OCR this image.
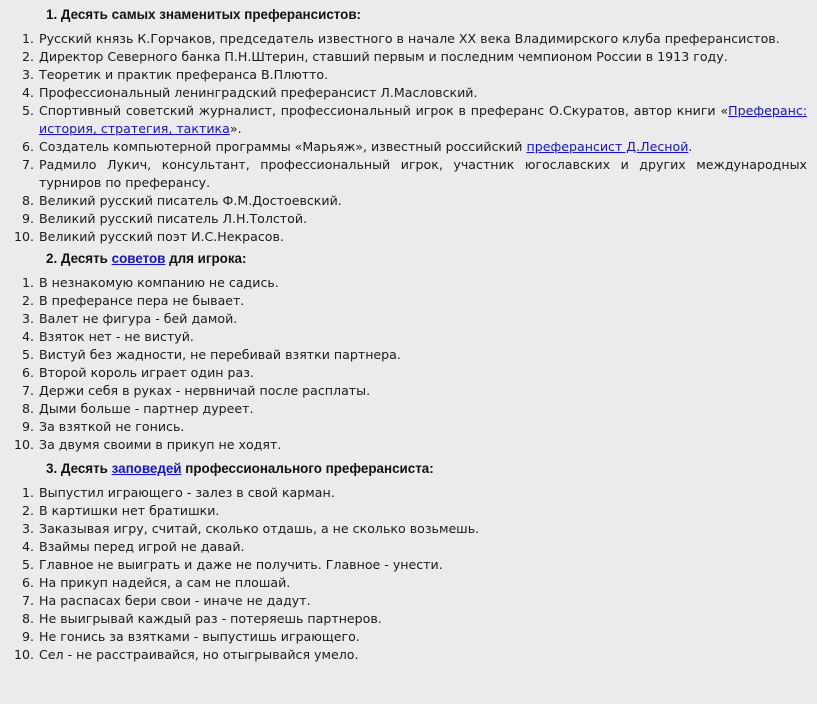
1. Десять самых знаменитых преферансистов:
1. Русский князь К.Горчаков, председатель известного в начале XX века Владимирского клуба преферансистов.
2. Директор Северного банка П.Н.Штерин, ставший первым и последним чемпионом России в 1913 году.
3. Теоретик и практик преферанса В.Плютто.
4. Профессиональный ленинградский преферансист Л.Масловский.
5. Спортивный советский журналист, профессиональный игрок в преферанс О.Скуратов, автор книги «Преферанс: история, стратегия, тактика».
6. Создатель компьютерной программы «Марьяж», известный российский преферансист Д.Лесной.
7. Радмило Лукич, консультант, профессиональный игрок, участник югославских и других международных турниров по преферансу.
8. Великий русский писатель Ф.М.Достоевский.
9. Великий русский писатель Л.Н.Толстой.
10. Великий русский поэт И.С.Некрасов.
2. Десять советов для игрока:
1. В незнакомую компанию не садись.
2. В преферансе пера не бывает.
3. Валет не фигура - бей дамой.
4. Взяток нет - не вистуй.
5. Вистуй без жадности, не перебивай взятки партнера.
6. Второй король играет один раз.
7. Держи себя в руках - нервничай после расплаты.
8. Дыми больше - партнер дуреет.
9. За взяткой не гонись.
10. За двумя своими в прикуп не ходят.
3. Десять заповедей профессионального преферансиста:
1. Выпустил играющего - залез в свой карман.
2. В картишки нет братишки.
3. Заказывая игру, считай, сколько отдашь, а не сколько возьмешь.
4. Взаймы перед игрой не давай.
5. Главное не выиграть и даже не получить. Главное - унести.
6. На прикуп надейся, а сам не плошай.
7. На распасах бери свои - иначе не дадут.
8. Не выигрывай каждый раз - потеряешь партнеров.
9. Не гонись за взятками - выпустишь играющего.
10. Сел - не расстраивайся, но отыгрывайся умело.
